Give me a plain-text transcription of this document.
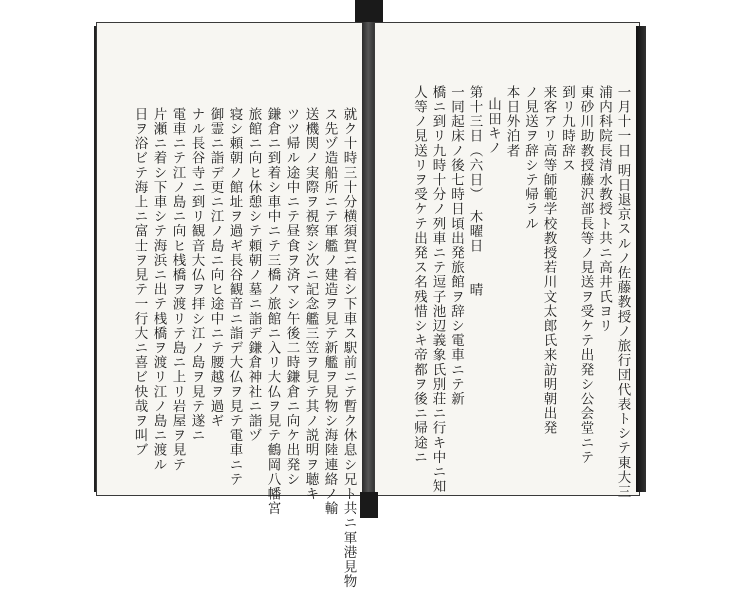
就ク十時三十分横須賀ニ着シ下車ス駅前ニテ暫ク休息シ兄ト共ニ軍港見物
ス先ヅ造船所ニテ軍艦ノ建造ヲ見テ新艦ヲ見物シ海陸連絡ノ輸
送機関ノ実際ヲ視察シ次ニ記念艦三笠ヲ見テ其ノ説明ヲ聴キ
ツツ帰ル途中ニテ昼食ヲ済マシ午後二時鎌倉ニ向ケ出発シ
鎌倉ニ到着シ車中ニテ三橋ノ旅館ニ入リ大仏ヲ見テ鶴岡八幡宮
旅館ニ向ヒ休憩シテ頼朝ノ墓ニ詣デ鎌倉神社ニ詣ヅ
寝シ頼朝ノ館址ヲ過ギ長谷観音ニ詣デ大仏ヲ見テ電車ニテ
御霊ニ詣デ更ニ江ノ島ニ向ヒ途中ニテ腰越ヲ過ギ
ナル長谷寺ニ到リ観音大仏ヲ拝シ江ノ島ヲ見テ遂ニ
電車ニテ江ノ島ニ向ヒ桟橋ヲ渡リテ島ニ上リ岩屋ヲ見テ
片瀬ニ着シ下車シテ海浜ニ出テ桟橋ヲ渡リ江ノ島ニ渡ル
日ヲ浴ビテ海上ニ富士ヲ見テ一行大ニ喜ビ快哉ヲ叫ブ	一月十一日 明日退京スルノ佐藤教授ノ旅行団代表トシテ東大三
浦内科院長清水教授ト共ニ高井氏ヨリ
東砂川助教授藤沢部長等ノ見送ヲ受ケテ出発シ公会堂ニテ
到リ九時辞ス
来客アリ高等師範学校教授若川文太郎氏来訪明朝出発
ノ見送ヲ辞シテ帰ラル
本日外泊者
山田キノ
第十三日（六日）　木曜日　　晴
一同起床ノ後七時日頃出発旅館ヲ辞シ電車ニテ新
橋ニ到リ九時十分ノ列車ニテ逗子池辺義象氏別荘ニ行キ中ニ知
人等ノ見送リヲ受ケテ出発ス名残惜シキ帝都ヲ後ニ帰途ニ
